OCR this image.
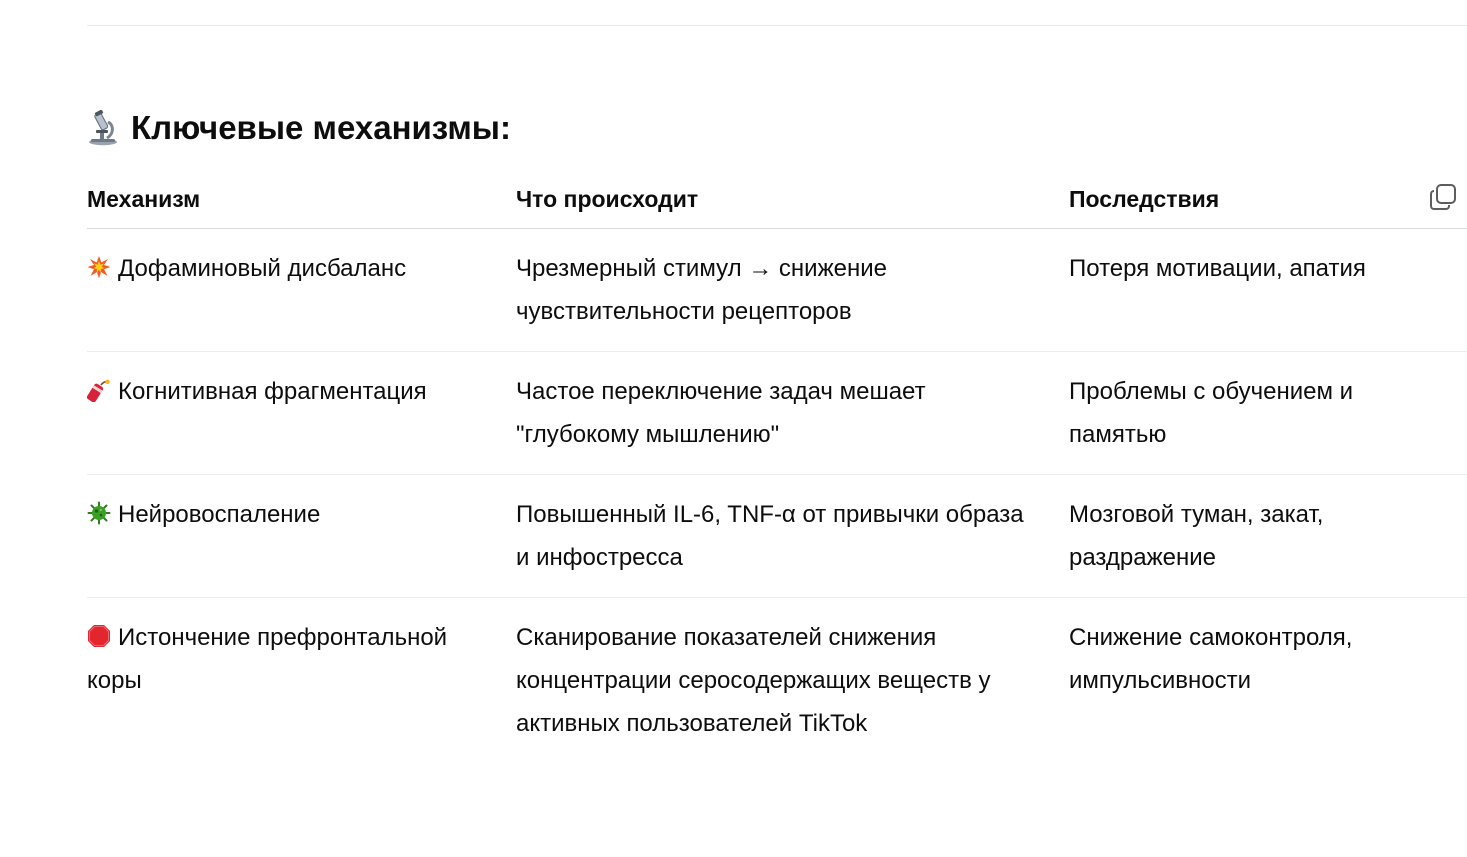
Ключевые механизмы:
Механизм	Что происходит	Последствия
Дофаминовый дисбаланс	Чрезмерный стимул → снижение чувствительности рецепторов	Потеря мотивации, апатия
Когнитивная фрагментация	Частое переключение задач мешает "глубокому мышлению"	Проблемы с обучением и памятью
Нейровоспаление	Повышенный IL-6, TNF-α от привычки образа и инфостресса	Мозговой туман, закат, раздражение
Истончение префронтальной коры	Сканирование показателей снижения концентрации серосодержащих веществ у активных пользователей TikTok	Снижение самоконтроля, импульсивности
